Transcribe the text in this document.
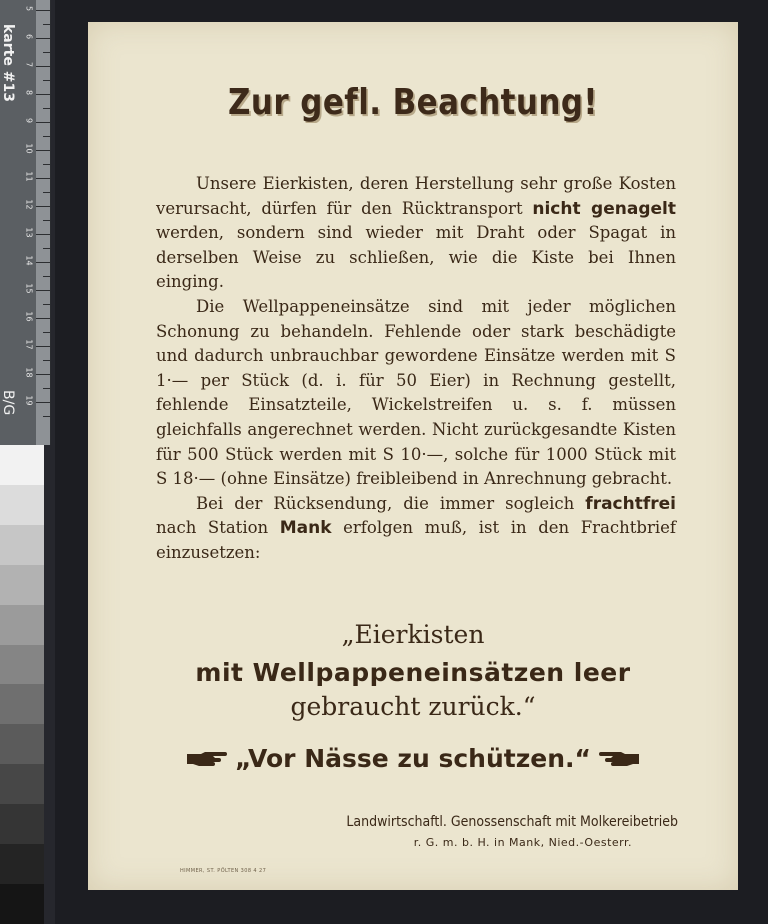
karte #13
5
6
7
8
9
10
11
12
13
14
15
16
17
18
19
B/G
Zur gefl. Beachtung!

Unsere Eierkisten, deren Herstellung sehr große Kosten verursacht, dürfen für den Rücktransport nicht genagelt werden, sondern sind wieder mit Draht oder Spagat in derselben Weise zu schließen, wie die Kiste bei Ihnen einging.

Die Wellpappeneinsätze sind mit jeder möglichen Schonung zu behandeln. Fehlende oder stark beschädigte und dadurch unbrauchbar gewordene Einsätze werden mit S 1·— per Stück (d. i. für 50 Eier) in Rechnung gestellt, fehlende Einsatzteile, Wickelstreifen u. s. f. müssen gleichfalls angerechnet werden. Nicht zurückgesandte Kisten für 500 Stück werden mit S 10·—, solche für 1000 Stück mit S 18·— (ohne Einsätze) freibleibend in Anrechnung gebracht.

Bei der Rücksendung, die immer sogleich frachtfrei nach Station Mank erfolgen muß, ist in den Frachtbrief einzusetzen:

„Eierkisten
mit Wellpappeneinsätzen leer
gebraucht zurück.“
„Vor Nässe zu schützen.“
Landwirtschaftl. Genossenschaft mit Molkereibetrieb
r. G. m. b. H. in Mank, Nied.-Oesterr.
HIMMER, ST. PÖLTEN 308 4 27
